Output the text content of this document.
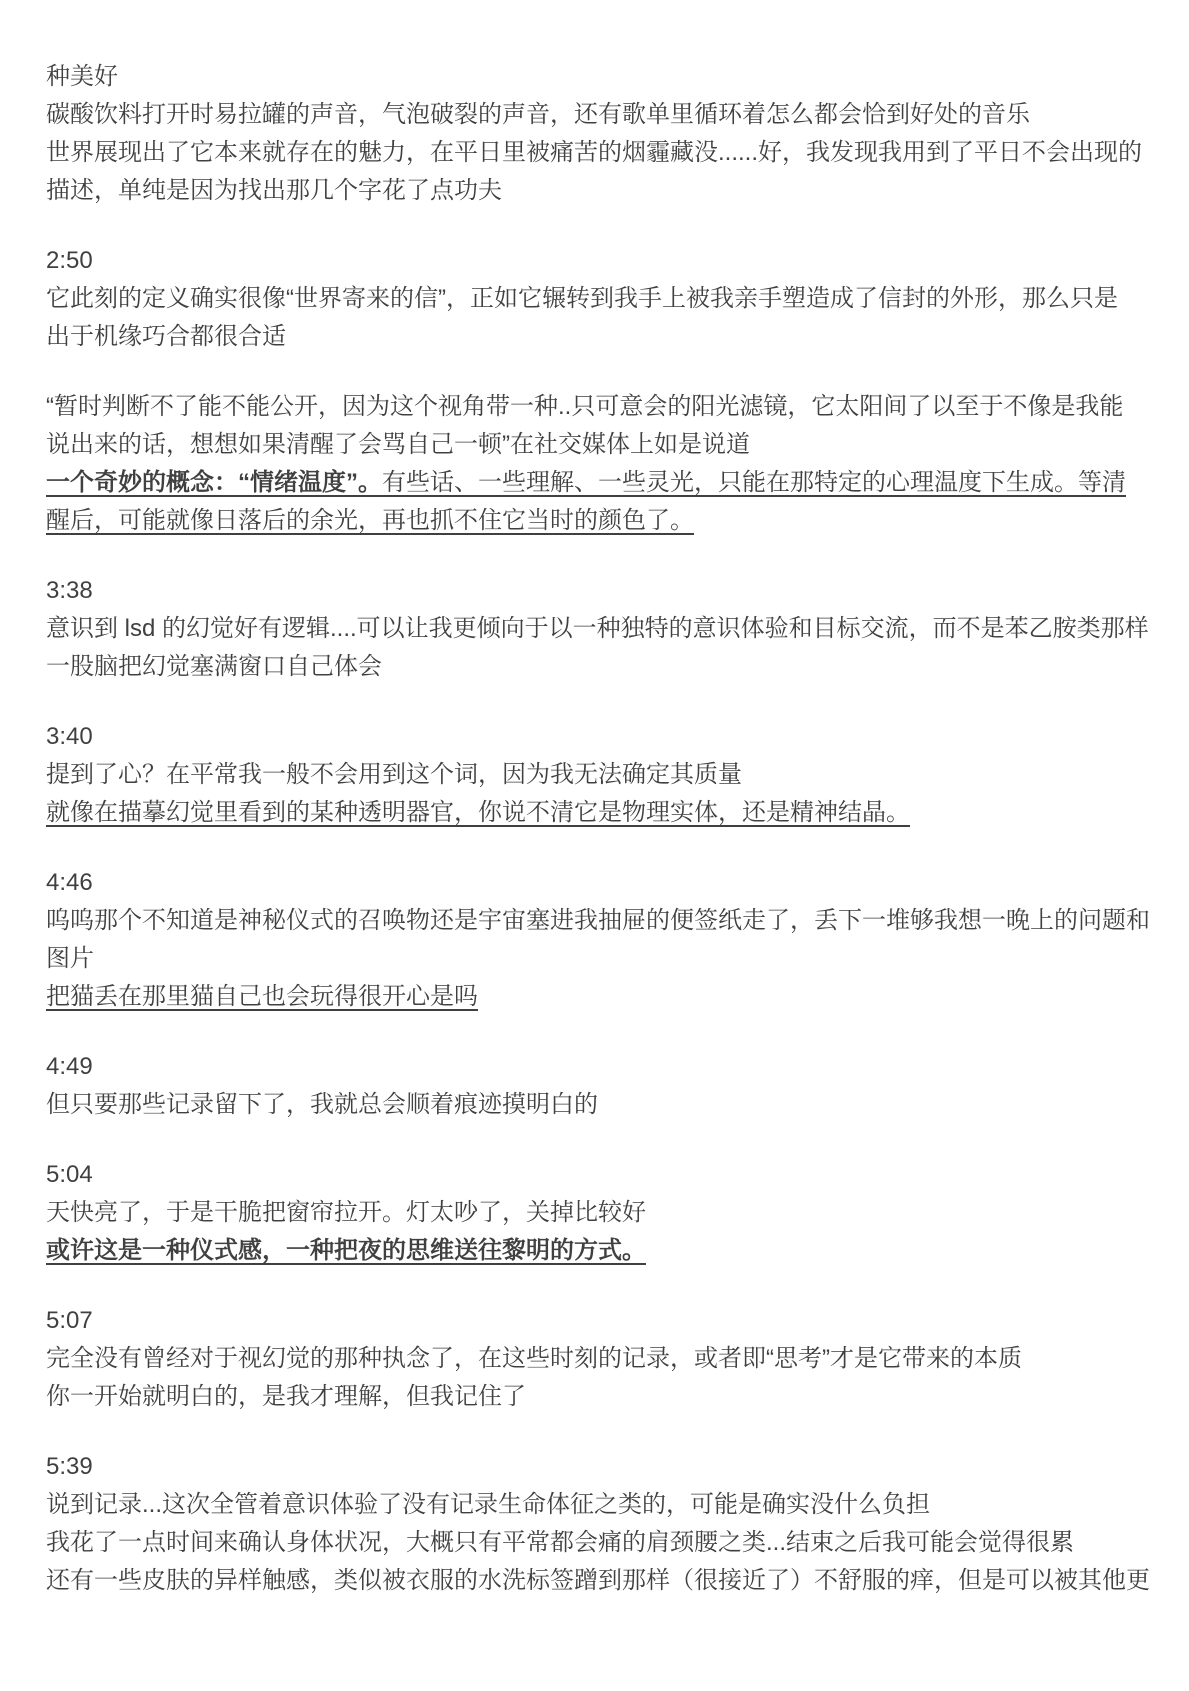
种美好
碳酸饮料打开时易拉罐的声音，气泡破裂的声音，还有歌单里循环着怎么都会恰到好处的音乐
世界展现出了它本来就存在的魅力，在平日里被痛苦的烟霾藏没......好，我发现我用到了平日不会出现的
描述，单纯是因为找出那几个字花了点功夫
2:50
它此刻的定义确实很像“世界寄来的信”，正如它辗转到我手上被我亲手塑造成了信封的外形，那么只是
出于机缘巧合都很合适
“暂时判断不了能不能公开，因为这个视角带一种..只可意会的阳光滤镜，它太阳间了以至于不像是我能
说出来的话，想想如果清醒了会骂自己一顿”在社交媒体上如是说道
一个奇妙的概念：“情绪温度”。有些话、一些理解、一些灵光，只能在那特定的心理温度下生成。等清
醒后，可能就像日落后的余光，再也抓不住它当时的颜色了。
3:38
意识到 lsd 的幻觉好有逻辑....可以让我更倾向于以一种独特的意识体验和目标交流，而不是苯乙胺类那样
一股脑把幻觉塞满窗口自己体会
3:40
提到了心？在平常我一般不会用到这个词，因为我无法确定其质量
就像在描摹幻觉里看到的某种透明器官，你说不清它是物理实体，还是精神结晶。
4:46
呜呜那个不知道是神秘仪式的召唤物还是宇宙塞进我抽屉的便签纸走了，丢下一堆够我想一晚上的问题和
图片
把猫丢在那里猫自己也会玩得很开心是吗
4:49
但只要那些记录留下了，我就总会顺着痕迹摸明白的
5:04
天快亮了，于是干脆把窗帘拉开。灯太吵了，关掉比较好
或许这是一种仪式感，一种把夜的思维送往黎明的方式。
5:07
完全没有曾经对于视幻觉的那种执念了，在这些时刻的记录，或者即“思考”才是它带来的本质
你一开始就明白的，是我才理解，但我记住了
5:39
说到记录...这次全管着意识体验了没有记录生命体征之类的，可能是确实没什么负担
我花了一点时间来确认身体状况，大概只有平常都会痛的肩颈腰之类...结束之后我可能会觉得很累
还有一些皮肤的异样触感，类似被衣服的水洗标签蹭到那样（很接近了）不舒服的痒，但是可以被其他更
